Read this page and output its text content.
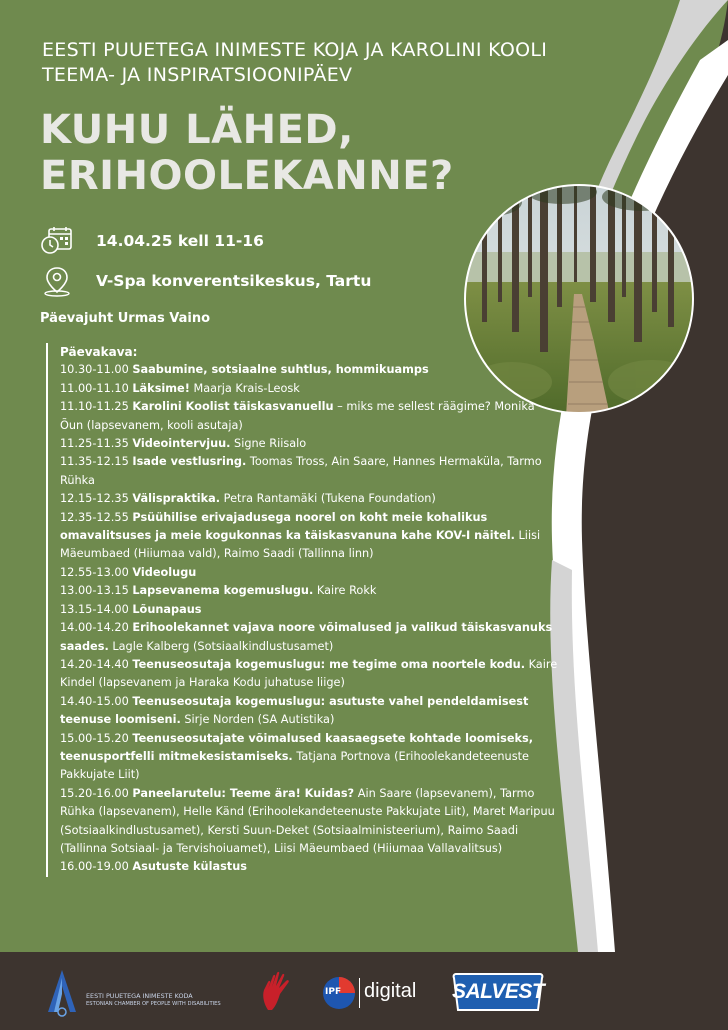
EESTI PUUETEGA INIMESTE KOJA JA KAROLINI KOOLI
TEEMA- JA INSPIRATSIOONIPÄEV
KUHU LÄHED,
ERIHOOLEKANNE?
14.04.25 kell 11-16
V-Spa konverentsikeskus, Tartu
Päevajuht Urmas Vaino
Päevakava:
10.30-11.00 Saabumine, sotsiaalne suhtlus, hommikuamps
11.00-11.10 Läksime! Maarja Krais-Leosk
11.10-11.25 Karolini Koolist täiskasvanuellu – miks me sellest räägime? Monika Õun (lapsevanem, kooli asutaja)
11.25-11.35 Videointervjuu. Signe Riisalo
11.35-12.15 Isade vestlusring. Toomas Tross, Ain Saare, Hannes Hermaküla, Tarmo Rühka
12.15-12.35 Välispraktika. Petra Rantamäki (Tukena Foundation)
12.35-12.55 Psüühilise erivajadusega noorel on koht meie kohalikus omavalitsuses ja meie kogukonnas ka täiskasvanuna kahe KOV-I näitel. Liisi Mäeumbaed (Hiiumaa vald), Raimo Saadi (Tallinna linn)
12.55-13.00 Videolugu
13.00-13.15 Lapsevanema kogemuslugu. Kaire Rokk
13.15-14.00 Lõunapaus
14.00-14.20 Erihoolekannet vajava noore võimalused ja valikud täiskasvanuks saades. Lagle Kalberg (Sotsiaalkindlustusamet)
14.20-14.40 Teenuseosutaja kogemuslugu: me tegime oma noortele kodu. Kaire Kindel (lapsevanem ja Haraka Kodu juhatuse liige)
14.40-15.00 Teenuseosutaja kogemuslugu: asutuste vahel pendeldamisest teenuse loomiseni. Sirje Norden (SA Autistika)
15.00-15.20 Teenuseosutajate võimalused kaasaegsete kohtade loomiseks, teenusportfelli mitmekesistamiseks. Tatjana Portnova (Erihoolekandeteenuste Pakkujate Liit)
15.20-16.00 Paneelarutelu: Teeme ära! Kuidas? Ain Saare (lapsevanem), Tarmo Rühka (lapsevanem), Helle Känd (Erihoolekandeteenuste Pakkujate Liit), Maret Maripuu (Sotsiaalkindlustusamet), Kersti Suun-Deket (Sotsiaalministeerium), Raimo Saadi (Tallinna Sotsiaal- ja Tervishoiuamet), Liisi Mäeumbaed (Hiiumaa Vallavalitsus)
16.00-19.00 Asutuste külastus
EESTI PUUETEGA INIMESTE KODA
ESTONIAN CHAMBER OF PEOPLE WITH DISABILITIES
IPF digital SALVEST
